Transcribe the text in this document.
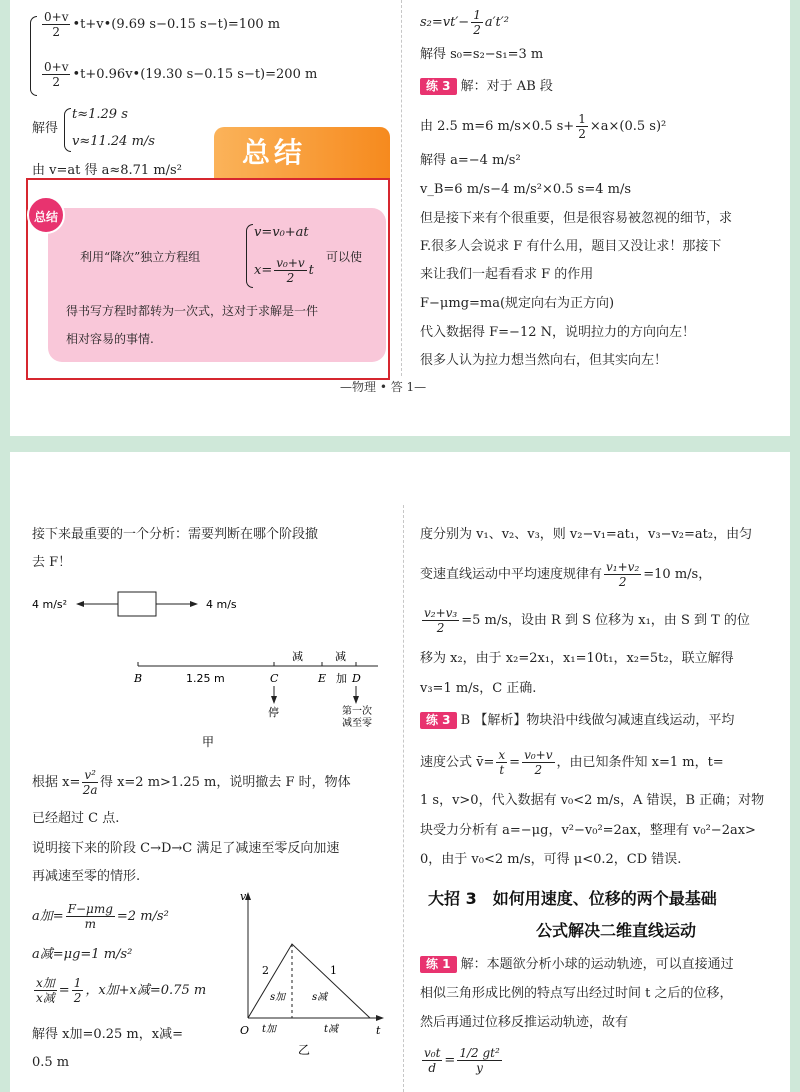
$\frac{0+v}{2}$ •t+v•(9.69 s−0.15 s−t)=100 m
$\frac{0+v}{2}$ •t+0.96v•(19.30 s−0.15 s−t)=200 m
解得
t≈1.29 s
v≈11.24 m/s
由 v=at 得 a≈8.71 m/s²
总结
总结
利用“降次”独立方程组
v=v₀+at
$x= \frac{\text{v₀+v}}{2}$ t
可以使
得书写方程时都转为一次式，这对于求解是一件
相对容易的事情.
$s_2=vt'- \frac{1}{2} a't'^2$
解得 s₀=s₂−s₁=3 m
练 3 解：对于 AB 段
由 2.5 m=6 m/s×0.5 $s+ \frac{1}{2} \times a\times(0.5$ s)²
解得 a=−4 m/s²
v_B=6 m/s−4 m/s²×0.5 s=4 m/s
但是接下来有个很重要，但是很容易被忽视的细节，求
F.很多人会说求 F 有什么用，题目又没让求！那接下
来让我们一起看看求 F 的作用
F−μmg=ma(规定向右为正方向)
代入数据得 F=−12 N，说明拉力的方向向左！
很多人认为拉力想当然向右，但其实向左！
—物理 • 答 1—
接下来最重要的一个分析：需要判断在哪个阶段撤
去 F！
4 m/s²	4 m/s
减	减
B	1.25 m	C	E 加 D
停	第一次
减至零
甲
根据 $x= \frac{\text{v²}}{2a}$ 得 x=2 m>1.25 m，说明撤去 F 时，物体
已经超过 C 点.
说明接下来的阶段 C→D→C 满足了减速至零反向加速
再减速至零的情形.
a加= $\frac{\text{F−μmg}}{m} =2$ m/s²
a减=μg=1 m/s²
$\frac{\text{x加}}{\text{x减}} = \frac{1}{2}$ ，x加+x减=0.75 m
解得 x加=0.25 m，x减=
0.5 m
v
t
O
2	1
s加	s减
t加	t减
乙
度分别为 v₁、v₂、v₃，则 v₂−v₁=at₁，v₃−v₂=at₂，由匀
变速直线运动中平均速度规律有 $\frac{\text{v₁+v₂}}{2} =10$ m/s，
$\frac{\text{v₂+v₃}}{2} =5$ m/s，设由 R 到 S 位移为 x₁，由 S 到 T 的位
移为 x₂，由于 x₂=2x₁，x₁=10t₁，x₂=5t₂，联立解得
v₃=1 m/s，C 正确.
练 3 B 【解析】物块沿中线做匀减速直线运动，平均
速度公式 v̄= $\frac{x}{t} = \frac{\text{v₀+v}}{2}$ ，由已知条件知 x=1 m，t=
1 s，v>0，代入数据有 v₀<2 m/s，A 错误，B 正确；对物
块受力分析有 a=−μg，v²−v₀²=2ax，整理有 v₀²−2ax>
0，由于 v₀<2 m/s，可得 μ<0.2，CD 错误.
大招 3　如何用速度、位移的两个最基础
公式解决二维直线运动
练 1 解：本题欲分析小球的运动轨迹，可以直接通过
相似三角形成比例的特点写出经过时间 t 之后的位移，
然后再通过位移反推运动轨迹，故有
$\frac{\text{v₀t}}{d} = \frac{\text{1/2 gt²}}{y}$
